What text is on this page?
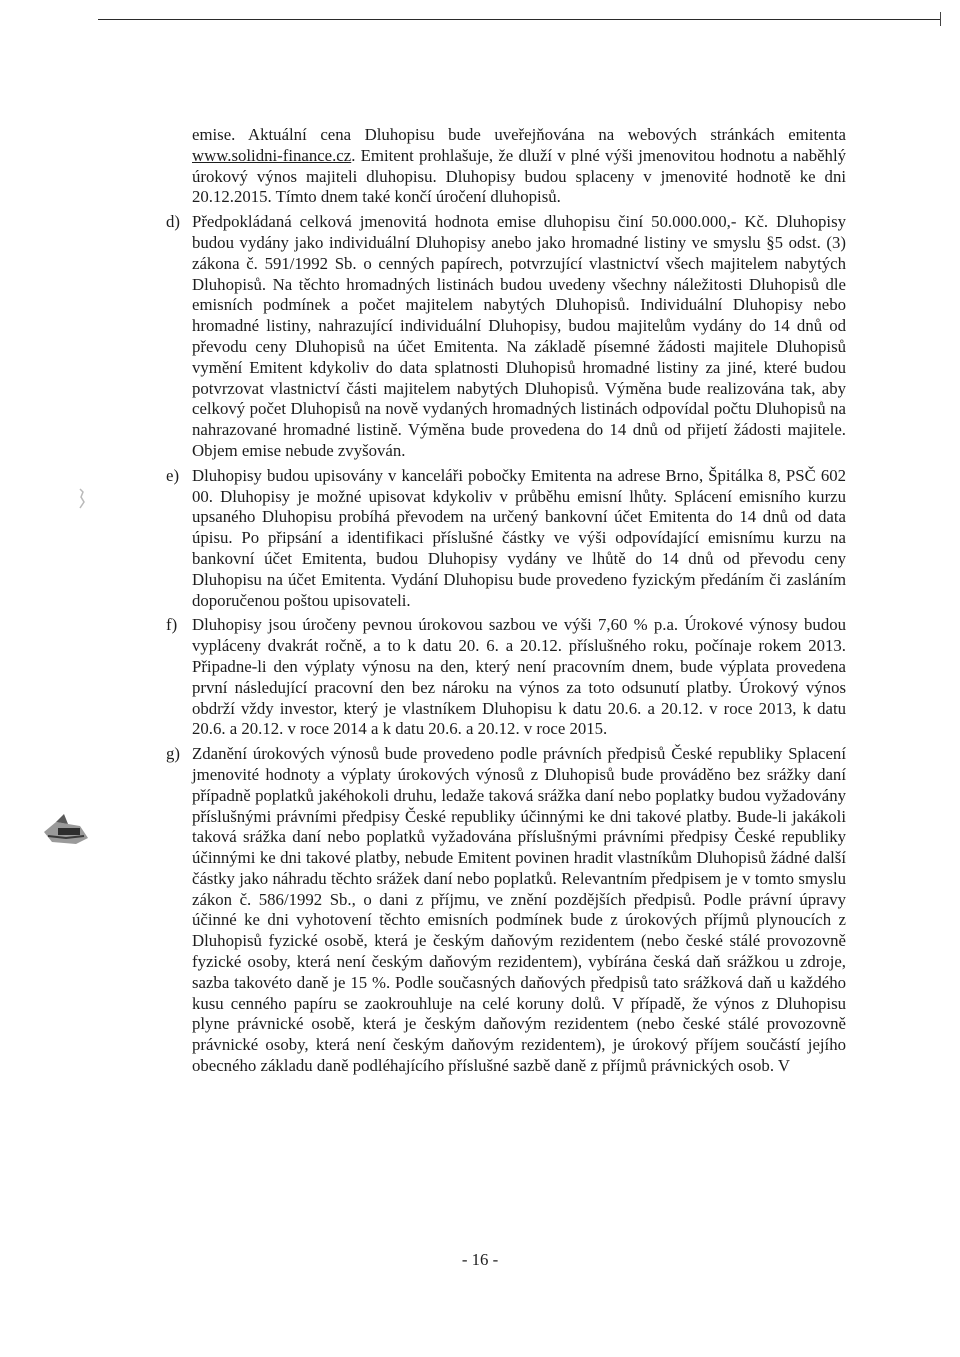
emise. Aktuální cena Dluhopisu bude uveřejňována na webových stránkách emitenta www.solidni-finance.cz. Emitent prohlašuje, že dluží v plné výši jmenovitou hodnotu a naběhlý úrokový výnos majiteli dluhopisu. Dluhopisy budou splaceny v jmenovité hodnotě ke dni 20.12.2015. Tímto dnem také končí úročení dluhopisů.

d) Předpokládaná celková jmenovitá hodnota emise dluhopisu činí 50.000.000,- Kč. Dluhopisy budou vydány jako individuální Dluhopisy anebo jako hromadné listiny ve smyslu §5 odst. (3) zákona č. 591/1992 Sb. o cenných papírech, potvrzující vlastnictví všech majitelem nabytých Dluhopisů. Na těchto hromadných listinách budou uvedeny všechny náležitosti Dluhopisů dle emisních podmínek a počet majitelem nabytých Dluhopisů. Individuální Dluhopisy nebo hromadné listiny, nahrazující individuální Dluhopisy, budou majitelům vydány do 14 dnů od převodu ceny Dluhopisů na účet Emitenta. Na základě písemné žádosti majitele Dluhopisů vymění Emitent kdykoliv do data splatnosti Dluhopisů hromadné listiny za jiné, které budou potvrzovat vlastnictví části majitelem nabytých Dluhopisů. Výměna bude realizována tak, aby celkový počet Dluhopisů na nově vydaných hromadných listinách odpovídal počtu Dluhopisů na nahrazované hromadné listině. Výměna bude provedena do 14 dnů od přijetí žádosti majitele. Objem emise nebude zvyšován.

e) Dluhopisy budou upisovány v kanceláři pobočky Emitenta na adrese Brno, Špitálka 8, PSČ 602 00. Dluhopisy je možné upisovat kdykoliv v průběhu emisní lhůty. Splácení emisního kurzu upsaného Dluhopisu probíhá převodem na určený bankovní účet Emitenta do 14 dnů od data úpisu. Po připsání a identifikaci příslušné částky ve výši odpovídající emisnímu kurzu na bankovní účet Emitenta, budou Dluhopisy vydány ve lhůtě do 14 dnů od převodu ceny Dluhopisu na účet Emitenta. Vydání Dluhopisu bude provedeno fyzickým předáním či zasláním doporučenou poštou upisovateli.

f) Dluhopisy jsou úročeny pevnou úrokovou sazbou ve výši 7,60 % p.a. Úrokové výnosy budou vypláceny dvakrát ročně, a to k datu 20. 6. a 20.12. příslušného roku, počínaje rokem 2013. Připadne-li den výplaty výnosu na den, který není pracovním dnem, bude výplata provedena první následující pracovní den bez nároku na výnos za toto odsunutí platby. Úrokový výnos obdrží vždy investor, který je vlastníkem Dluhopisu k datu 20.6. a 20.12. v roce 2013, k datu 20.6. a 20.12. v roce 2014 a k datu 20.6. a 20.12. v roce 2015.

g) Zdanění úrokových výnosů bude provedeno podle právních předpisů České republiky Splacení jmenovité hodnoty a výplaty úrokových výnosů z Dluhopisů bude prováděno bez srážky daní případně poplatků jakéhokoli druhu, ledaže taková srážka daní nebo poplatky budou vyžadovány příslušnými právními předpisy České republiky účinnými ke dni takové platby. Bude-li jakákoli taková srážka daní nebo poplatků vyžadována příslušnými právními předpisy České republiky účinnými ke dni takové platby, nebude Emitent povinen hradit vlastníkům Dluhopisů žádné další částky jako náhradu těchto srážek daní nebo poplatků. Relevantním předpisem je v tomto smyslu zákon č. 586/1992 Sb., o dani z příjmu, ve znění pozdějších předpisů. Podle právní úpravy účinné ke dni vyhotovení těchto emisních podmínek bude z úrokových příjmů plynoucích z Dluhopisů fyzické osobě, která je českým daňovým rezidentem (nebo české stálé provozovně fyzické osoby, která není českým daňovým rezidentem), vybírána česká daň srážkou u zdroje, sazba takovéto daně je 15 %. Podle současných daňových předpisů tato srážková daň u každého kusu cenného papíru se zaokrouhluje na celé koruny dolů. V případě, že výnos z Dluhopisu plyne právnické osobě, která je českým daňovým rezidentem (nebo české stálé provozovně právnické osoby, která není českým daňovým rezidentem), je úrokový příjem součástí jejího obecného základu daně podléhajícího příslušné sazbě daně z příjmů právnických osob. V

- 16 -
